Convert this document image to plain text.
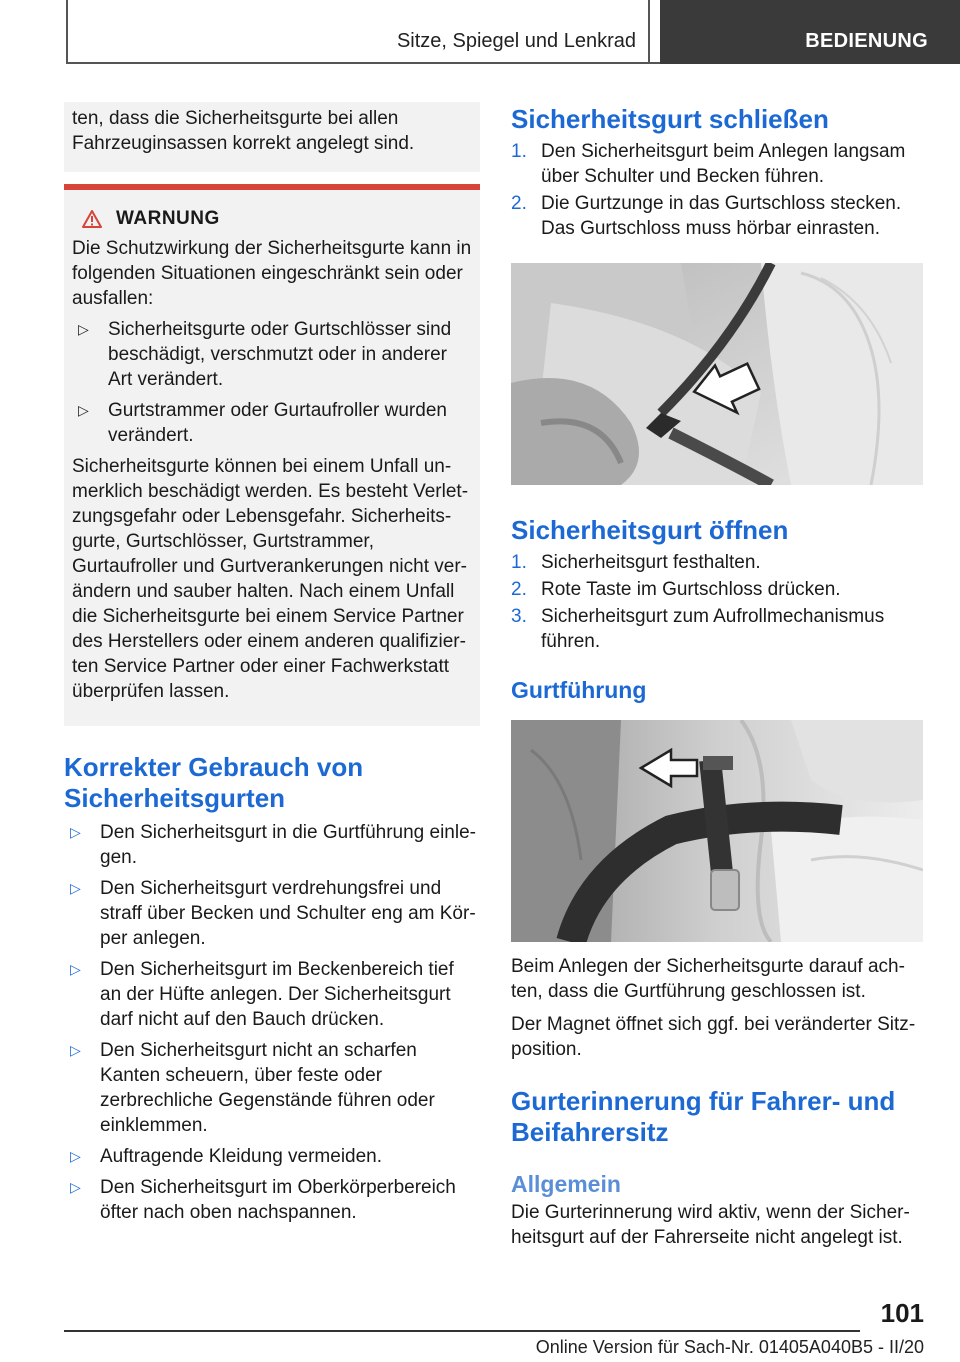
Sitze, Spiegel und Lenkrad	BEDIENUNG

ten, dass die Sicherheitsgurte bei allen Fahrzeuginsassen korrekt angelegt sind.

WARNUNG

Die Schutzwirkung der Sicherheitsgurte kann in folgenden Situationen eingeschränkt sein oder ausfallen:

▷ Sicherheitsgurte oder Gurtschlösser sind beschädigt, verschmutzt oder in anderer Art verändert.
▷ Gurtstrammer oder Gurtaufroller wurden verändert.

Sicherheitsgurte können bei einem Unfall unmerklich beschädigt werden. Es besteht Verletzungsgefahr oder Lebensgefahr. Sicherheitsgurte, Gurtschlösser, Gurtstrammer, Gurtaufroller und Gurtverankerungen nicht verändern und sauber halten. Nach einem Unfall die Sicherheitsgurte bei einem Service Partner des Herstellers oder einem anderen qualifizierten Service Partner oder einer Fachwerkstatt überprüfen lassen.

Korrekter Gebrauch von Sicherheitsgurten
▷ Den Sicherheitsgurt in die Gurtführung einlegen.
▷ Den Sicherheitsgurt verdrehungsfrei und straff über Becken und Schulter eng am Körper anlegen.
▷ Den Sicherheitsgurt im Beckenbereich tief an der Hüfte anlegen. Der Sicherheitsgurt darf nicht auf den Bauch drücken.
▷ Den Sicherheitsgurt nicht an scharfen Kanten scheuern, über feste oder zerbrechliche Gegenstände führen oder einklemmen.
▷ Auftragende Kleidung vermeiden.
▷ Den Sicherheitsgurt im Oberkörperbereich öfter nach oben nachspannen.
Sicherheitsgurt schließen
1. Den Sicherheitsgurt beim Anlegen langsam über Schulter und Becken führen.
2. Die Gurtzunge in das Gurtschloss stecken. Das Gurtschloss muss hörbar einrasten.
Sicherheitsgurt öffnen
1. Sicherheitsgurt festhalten.
2. Rote Taste im Gurtschloss drücken.
3. Sicherheitsgurt zum Aufrollmechanismus führen.
Gurtführung

Beim Anlegen der Sicherheitsgurte darauf achten, dass die Gurtführung geschlossen ist.

Der Magnet öffnet sich ggf. bei veränderter Sitzposition.

Gurterinnerung für Fahrer- und Beifahrersitz
Allgemein

Die Gurterinnerung wird aktiv, wenn der Sicherheitsgurt auf der Fahrerseite nicht angelegt ist.

101
Online Version für Sach-Nr. 01405A040B5 - II/20
